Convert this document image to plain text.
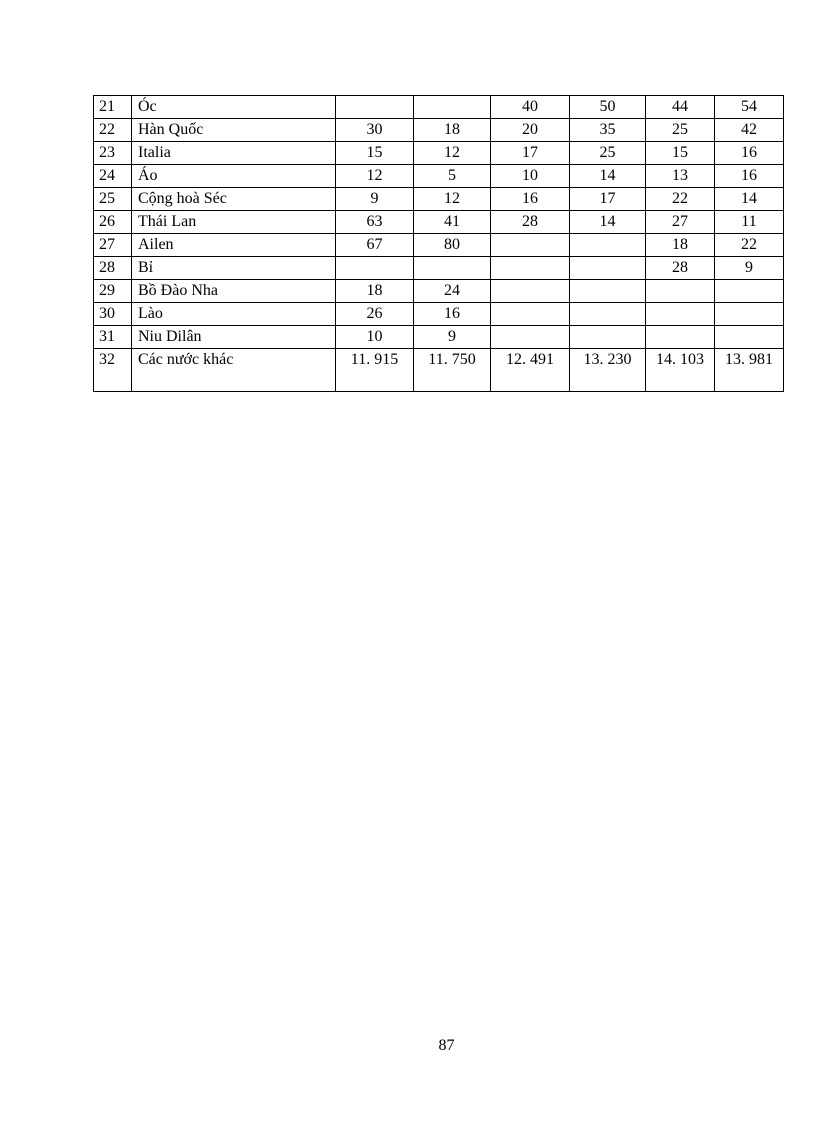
21	Óc			40	50	44	54
22	Hàn Quốc	30	18	20	35	25	42
23	Italia	15	12	17	25	15	16
24	Áo	12	5	10	14	13	16
25	Cộng hoà Séc	9	12	16	17	22	14
26	Thái Lan	63	41	28	14	27	11
27	Ailen	67	80			18	22
28	Bỉ					28	9
29	Bồ Đào Nha	18	24				
30	Lào	26	16				
31	Niu Dilân	10	9				
32	Các nước khác	11. 915	11. 750	12. 491	13. 230	14. 103	13. 981
87
